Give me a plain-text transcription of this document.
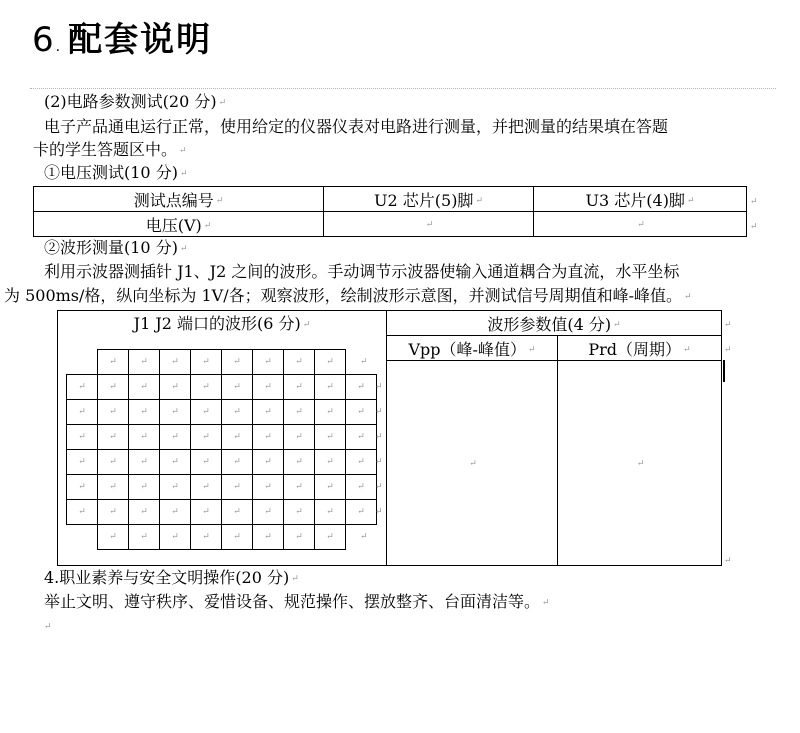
6. 配套说明
(2)电路参数测试(20 分) ↵
电子产品通电运行正常，使用给定的仪器仪表对电路进行测量，并把测量的结果填在答题
卡的学生答题区中。 ↵
①电压测试(10 分) ↵
测试点编号 ↵	U2 芯片(5)脚 ↵	U3 芯片(4)脚 ↵
电压(V) ↵	↵	↵
↵
↵
②波形测量(10 分) ↵
利用示波器测插针 J1、J2 之间的波形。手动调节示波器使输入通道耦合为直流，水平坐标
为 500ms/格，纵向坐标为 1V/各；观察波形，绘制波形示意图，并测试信号周期值和峰-峰值。 ↵
J1 J2 端口的波形(6 分) ↵	波形参数值(4 分) ↵	
	Vpp（峰-峰值） ↵	Prd（周期） ↵
	↵	↵
↵
↵
↵
↵	↵	↵	↵	↵	↵	↵	↵
↵	↵	↵	↵	↵	↵	↵	↵	↵	↵
↵	↵	↵	↵	↵	↵	↵	↵	↵	↵
↵	↵	↵	↵	↵	↵	↵	↵	↵	↵
↵	↵	↵	↵	↵	↵	↵	↵	↵	↵
↵	↵	↵	↵	↵	↵	↵	↵	↵	↵
↵	↵	↵	↵	↵	↵	↵	↵	↵	↵
↵	↵	↵	↵	↵	↵	↵	↵
↵
↵
↵
↵
↵
↵
↵
↵
4.职业素养与安全文明操作(20 分) ↵
举止文明、遵守秩序、爱惜设备、规范操作、摆放整齐、台面清洁等。 ↵
↵
